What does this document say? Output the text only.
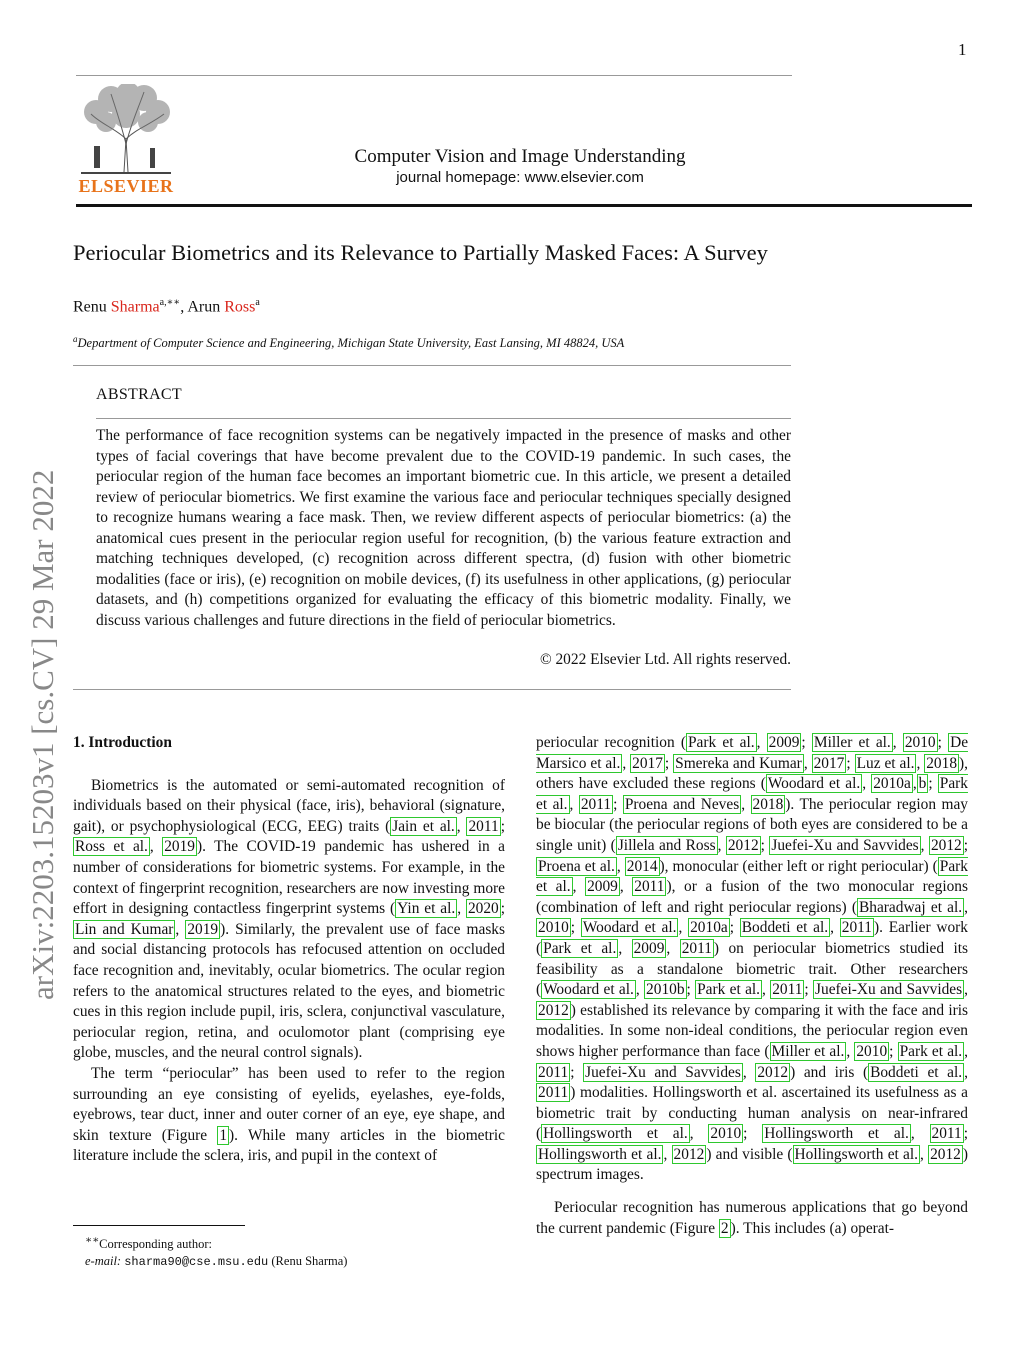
1
ELSEVIER
Computer Vision and Image Understanding
journal homepage: www.elsevier.com
Periocular Biometrics and its Relevance to Partially Masked Faces: A Survey
Renu Sharma$^{a,∗∗}$, Arun Ross$^a$
$^a$Department of Computer Science and Engineering, Michigan State University, East Lansing, MI 48824, USA
ABSTRACT
The performance of face recognition systems can be negatively impacted in the presence of masks and other types of facial coverings that have become prevalent due to the COVID-19 pandemic. In such cases, the periocular region of the human face becomes an important biometric cue. In this article, we present a detailed review of periocular biometrics. We first examine the various face and periocular techniques specially designed to recognize humans wearing a face mask. Then, we review different aspects of periocular biometrics: (a) the anatomical cues present in the periocular region useful for recognition, (b) the various feature extraction and matching techniques developed, (c) recognition across different spectra, (d) fusion with other biometric modalities (face or iris), (e) recognition on mobile devices, (f) its usefulness in other applications, (g) periocular datasets, and (h) competitions organized for evaluating the efficacy of this biometric modality. Finally, we discuss various challenges and future directions in the field of periocular biometrics.
© 2022 Elsevier Ltd. All rights reserved.
arXiv:2203.15203v1 [cs.CV] 29 Mar 2022 1. Introduction

Biometrics is the automated or semi-automated recognition of individuals based on their physical (face, iris), behavioral (signature, gait), or psychophysiological (ECG, EEG) traits ( Jain et al. , 2011 ; Ross et al. , 2019 ). The COVID-19 pandemic has ushered in a number of considerations for biometric systems. For example, in the context of fingerprint recognition, researchers are now investing more effort in designing contactless fingerprint systems ( Yin et al. , 2020 ; Lin and Kumar , 2019 ). Similarly, the prevalent use of face masks and social distancing protocols has refocused attention on occluded face recognition and, inevitably, ocular biometrics. The ocular region refers to the anatomical structures related to the eyes, and biometric cues in this region include pupil, iris, sclera, conjunctival vasculature, periocular region, retina, and oculomotor plant (comprising eye globe, muscles, and the neural control signals).

The term “periocular” has been used to refer to the region surrounding an eye consisting of eyelids, eyelashes, eye-folds, eyebrows, tear duct, inner and outer corner of an eye, eye shape, and skin texture (Figure 1 ). While many articles in the biometric literature include the sclera, iris, and pupil in the context of

periocular recognition ( Park et al. , 2009 ; Miller et al. , 2010 ; De Marsico et al. , 2017 ; Smereka and Kumar , 2017 ; Luz et al. , 2018 ), others have excluded these regions ( Woodard et al. , 2010a , b ; Park et al. , 2011 ; Proena and Neves , 2018 ). The periocular region may be biocular (the periocular regions of both eyes are considered to be a single unit) ( Jillela and Ross , 2012 ; Juefei-Xu and Savvides , 2012 ; Proena et al. , 2014 ), monocular (either left or right periocular) ( Park et al. , 2009 , 2011 ), or a fusion of the two monocular regions (combination of left and right periocular regions) ( Bharadwaj et al. , 2010 ; Woodard et al. , 2010a ; Boddeti et al. , 2011 ). Earlier work ( Park et al. , 2009 , 2011 ) on periocular biometrics studied its feasibility as a standalone biometric trait. Other researchers ( Woodard et al. , 2010b ; Park et al. , 2011 ; Juefei-Xu and Savvides , 2012 ) established its relevance by comparing it with the face and iris modalities. In some non-ideal conditions, the periocular region even shows higher performance than face ( Miller et al. , 2010 ; Park et al. , 2011 ; Juefei-Xu and Savvides , 2012 ) and iris ( Boddeti et al. , 2011 ) modalities. Hollingsworth et al. ascertained its usefulness as a biometric trait by conducting human analysis on near-infrared ( Hollingsworth et al. , 2010 ; Hollingsworth et al. , 2011 ; Hollingsworth et al. , 2012 ) and visible ( Hollingsworth et al. , 2012 ) spectrum images.

Periocular recognition has numerous applications that go beyond the current pandemic (Figure 2 ). This includes (a) operat-

∗∗Corresponding author:
e-mail: sharma90@cse.msu.edu (Renu Sharma)
